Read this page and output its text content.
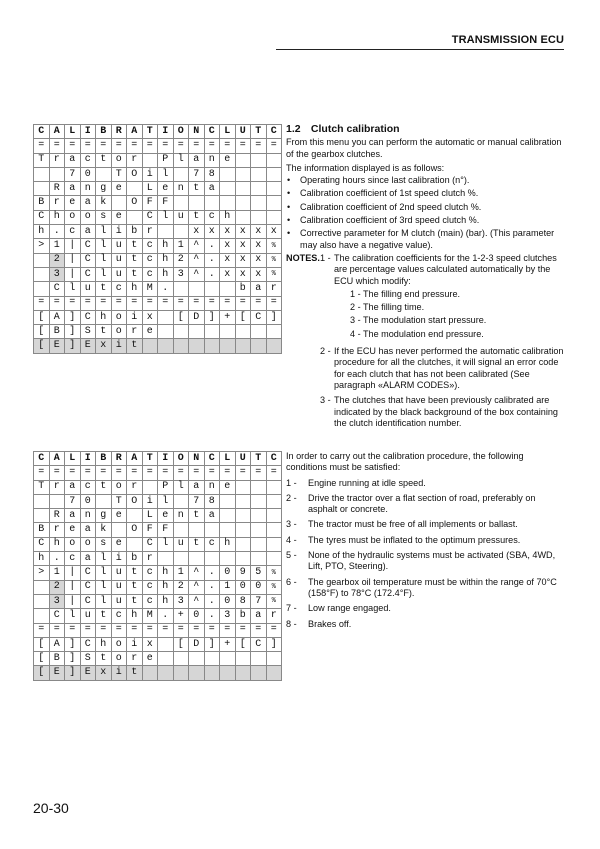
TRANSMISSION ECU
C	A	L	I	B	R	A	T	I	O	N	C	L	U	T	C
=	=	=	=	=	=	=	=	=	=	=	=	=	=	=	=
T	r	a	c	t	o	r		P	l	a	n	e			
		7	0		T	O	i	l		7	8				
	R	a	n	g	e		L	e	n	t	a				
B	r	e	a	k		O	F	F							
C	h	o	o	s	e		C	l	u	t	c	h			
h	.	c	a	l	i	b	r			x	x	x	x	x	x
>	1	|	C	l	u	t	c	h	1	^	.	x	x	x	%
	2	|	C	l	u	t	c	h	2	^	.	x	x	x	%
	3	|	C	l	u	t	c	h	3	^	.	x	x	x	%
	C	l	u	t	c	h	M	.					b	a	r
=	=	=	=	=	=	=	=	=	=	=	=	=	=	=	=
[	A	]	C	h	o	i	x		[	D	]	+	[	C	]
[	B	]	S	t	o	r	e								
[	E	]	E	x	i	t									
C	A	L	I	B	R	A	T	I	O	N	C	L	U	T	C
=	=	=	=	=	=	=	=	=	=	=	=	=	=	=	=
T	r	a	c	t	o	r		P	l	a	n	e			
		7	0		T	O	i	l		7	8				
	R	a	n	g	e		L	e	n	t	a				
B	r	e	a	k		O	F	F							
C	h	o	o	s	e		C	l	u	t	c	h			
h	.	c	a	l	i	b	r								
>	1	|	C	l	u	t	c	h	1	^	.	0	9	5	%
	2	|	C	l	u	t	c	h	2	^	.	1	0	0	%
	3	|	C	l	u	t	c	h	3	^	.	0	8	7	%
	C	l	u	t	c	h	M	.	+	0	.	3	b	a	r
=	=	=	=	=	=	=	=	=	=	=	=	=	=	=	=
[	A	]	C	h	o	i	x		[	D	]	+	[	C	]
[	B	]	S	t	o	r	e								
[	E	]	E	x	i	t									
1.2 Clutch calibration
From this menu you can perform the automatic or manual calibration of the gearbox clutches.
The information displayed is as follows:
• Operating hours since last calibration (n°).
• Calibration coefficient of 1st speed clutch %.
• Calibration coefficient of 2nd speed clutch %.
• Calibration coefficient of 3rd speed clutch %.
• Corrective parameter for M clutch (main) (bar). (This parameter may also have a negative value).
NOTES. 1 - The calibration coefficients for the 1-2-3 speed clutches are percentage values calculated automatically by the ECU which modify:
1 - The filling end pressure.
2 - The filling time.
3 - The modulation start pressure.
4 - The modulation end pressure.
2 - If the ECU has never performed the automatic calibration procedure for all the clutches, it will signal an error code for each clutch that has not been calibrated (See paragraph «ALARM CODES»).
3 - The clutches that have been previously calibrated are indicated by the black background of the box containing the clutch identification number.
In order to carry out the calibration procedure, the following conditions must be satisfied:
1 -	Engine running at idle speed.
2 -	Drive the tractor over a flat section of road, preferably on asphalt or concrete.
3 -	The tractor must be free of all implements or ballast.
4 -	The tyres must be inflated to the optimum pressures.
5 -	None of the hydraulic systems must be activated (SBA, 4WD, Lift, PTO, Steering).
6 -	The gearbox oil temperature must be within the range of 70°C (158°F) to 78°C (172.4°F).
7 -	Low range engaged.
8 -	Brakes off.
20-30
